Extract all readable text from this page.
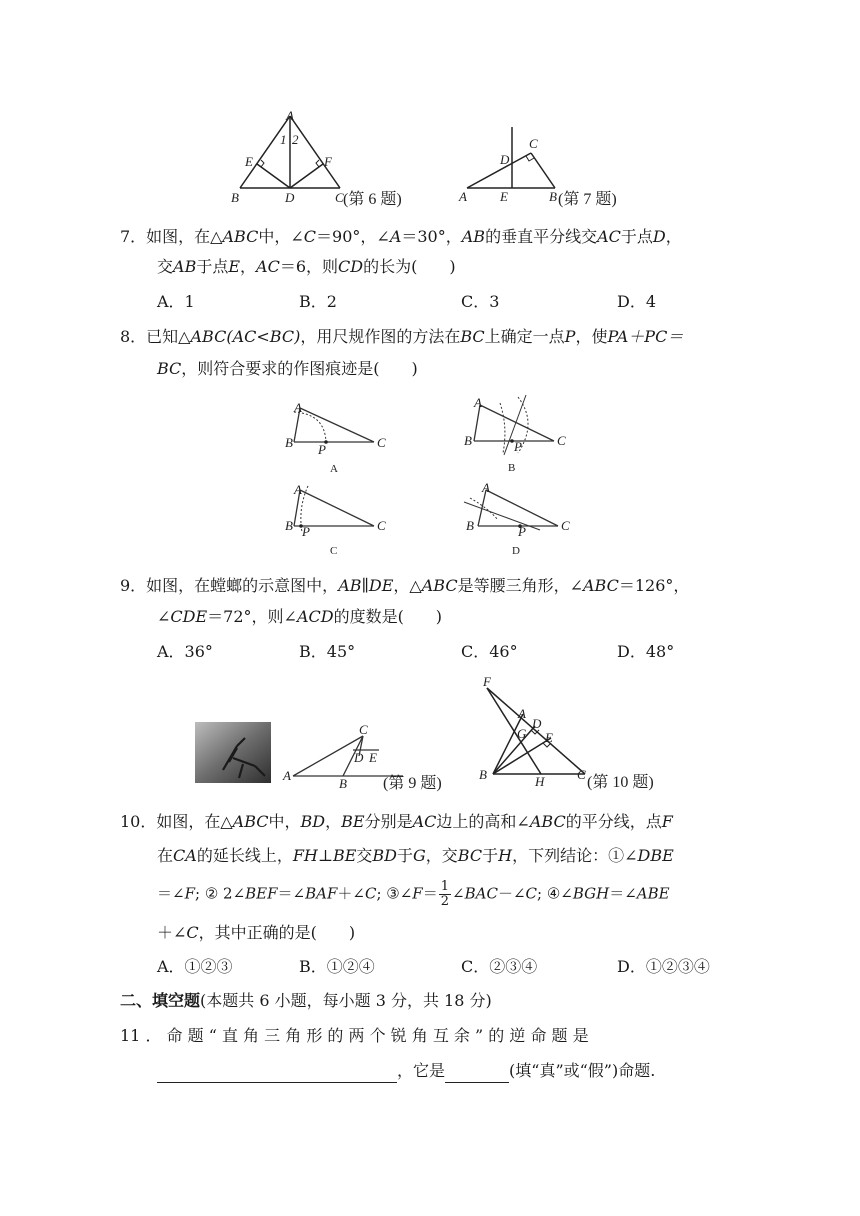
A
1 2
E	F
B	D	C (第 6 题)
C
D
A	E	B (第 7 题)
7．如图，在△ABC中，∠C＝90°，∠A＝30°，AB的垂直平分线交AC于点D，
交AB于点E，AC＝6，则CD的长为(　　)
A．1	B．2	C．3	D．4
8．已知△ABC(AC<BC)，用尺规作图的方法在BC上确定一点P，使PA＋PC＝
BC，则符合要求的作图痕迹是(　　)
A
B P	C
A
A
B	P	C
B
A
B P	C
C
A
B	P	C
D
9．如图，在螳螂的示意图中，AB∥DE，△ABC是等腰三角形，∠ABC＝126°，
∠CDE＝72°，则∠ACD的度数是(　　)
A．36°	B．45°	C．46°	D．48°
A
B
C
D E
(第 9 题)
F
A
D
G E
B	H	C (第 10 题)
10．如图，在△ABC中，BD，BE分别是AC边上的高和∠ABC的平分线，点F
在CA的延长线上，FH⊥BE交BD于G，交BC于H，下列结论：①∠DBE
＝∠F; ② 2∠BEF＝∠BAF＋∠C; ③∠F＝ $\frac{1}{2}$ ∠BAC－∠C; ④∠BGH＝∠ABE
＋∠C，其中正确的是(　　)
A．①②③	B．①②④	C．②③④	D．①②③④
二、填空题(本题共 6 小题，每小题 3 分，共 18 分)
11 ． 命 题 “ 直 角 三 角 形 的 两 个 锐 角 互 余 ” 的 逆 命 题 是
，它是	(填“真”或“假”)命题.
